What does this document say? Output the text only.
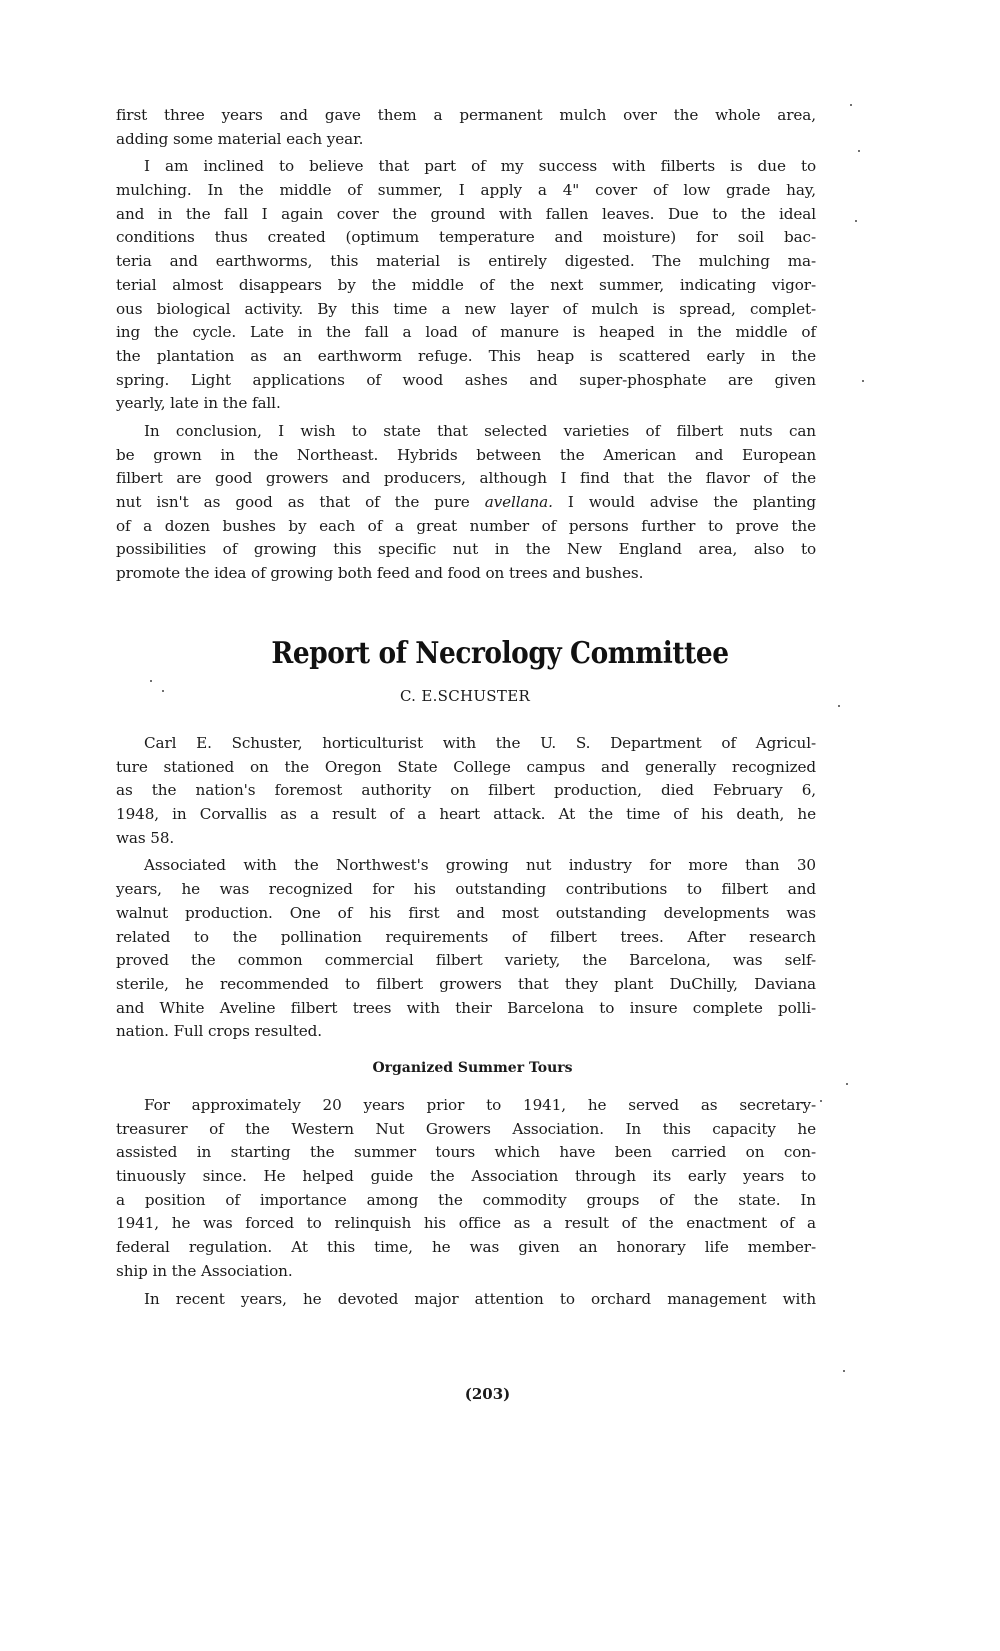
first three years and gave them a permanent mulch over the whole area,
adding some material each year.
I am inclined to believe that part of my success with filberts is due to
mulching. In the middle of summer, I apply a 4" cover of low grade hay,
and in the fall I again cover the ground with fallen leaves. Due to the ideal
conditions thus created (optimum temperature and moisture) for soil bac-
teria and earthworms, this material is entirely digested. The mulching ma-
terial almost disappears by the middle of the next summer, indicating vigor-
ous biological activity. By this time a new layer of mulch is spread, complet-
ing the cycle. Late in the fall a load of manure is heaped in the middle of
the plantation as an earthworm refuge. This heap is scattered early in the
spring. Light applications of wood ashes and super-phosphate are given
yearly, late in the fall.
In conclusion, I wish to state that selected varieties of filbert nuts can
be grown in the Northeast. Hybrids between the American and European
filbert are good growers and producers, although I find that the flavor of the
nut isn't as good as that of the pure avellana. I would advise the planting
of a dozen bushes by each of a great number of persons further to prove the
possibilities of growing this specific nut in the New England area, also to
promote the idea of growing both feed and food on trees and bushes.
Report of Necrology Committee
C. E.SCHUSTER
Carl E. Schuster, horticulturist with the U. S. Department of Agricul-
ture stationed on the Oregon State College campus and generally recognized
as the nation's foremost authority on filbert production, died February 6,
1948, in Corvallis as a result of a heart attack. At the time of his death, he
was 58.
Associated with the Northwest's growing nut industry for more than 30
years, he was recognized for his outstanding contributions to filbert and
walnut production. One of his first and most outstanding developments was
related to the pollination requirements of filbert trees. After research
proved the common commercial filbert variety, the Barcelona, was self-
sterile, he recommended to filbert growers that they plant DuChilly, Daviana
and White Aveline filbert trees with their Barcelona to insure complete polli-
nation. Full crops resulted.
Organized Summer Tours
For approximately 20 years prior to 1941, he served as secretary-
treasurer of the Western Nut Growers Association. In this capacity he
assisted in starting the summer tours which have been carried on con-
tinuously since. He helped guide the Association through its early years to
a position of importance among the commodity groups of the state. In
1941, he was forced to relinquish his office as a result of the enactment of a
federal regulation. At this time, he was given an honorary life member-
ship in the Association.
In recent years, he devoted major attention to orchard management with
(203)
